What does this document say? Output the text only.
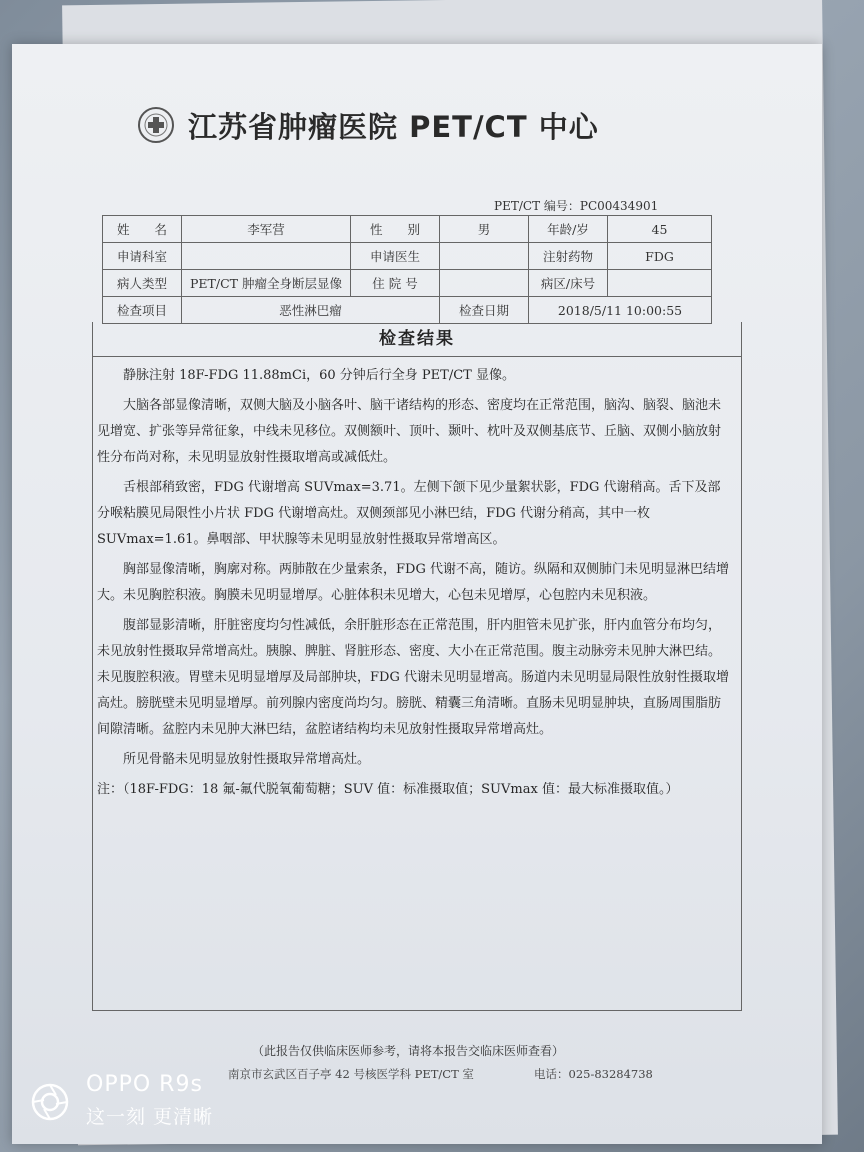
江苏省肿瘤医院 PET/CT 中心
PET/CT 编号：PC00434901
姓　　名	李军营	性　　别	男	年龄/岁	45
申请科室		申请医生		注射药物	FDG
病人类型	PET/CT 肿瘤全身断层显像	住 院 号		病区/床号	
检查项目	恶性淋巴瘤		检查日期	2018/5/11 10:00:55	
检查结果

静脉注射 18F-FDG 11.88mCi，60 分钟后行全身 PET/CT 显像。

大脑各部显像清晰，双侧大脑及小脑各叶、脑干诸结构的形态、密度均在正常范围，脑沟、脑裂、脑池未见增宽、扩张等异常征象，中线未见移位。双侧额叶、顶叶、颞叶、枕叶及双侧基底节、丘脑、双侧小脑放射性分布尚对称，未见明显放射性摄取增高或减低灶。

舌根部稍致密，FDG 代谢增高 SUVmax=3.71。左侧下颌下见少量絮状影，FDG 代谢稍高。舌下及部分喉粘膜见局限性小片状 FDG 代谢增高灶。双侧颈部见小淋巴结，FDG 代谢分稍高，其中一枚 SUVmax=1.61。鼻咽部、甲状腺等未见明显放射性摄取异常增高区。

胸部显像清晰，胸廓对称。两肺散在少量索条，FDG 代谢不高，随访。纵隔和双侧肺门未见明显淋巴结增大。未见胸腔积液。胸膜未见明显增厚。心脏体积未见增大，心包未见增厚，心包腔内未见积液。

腹部显影清晰，肝脏密度均匀性减低，余肝脏形态在正常范围，肝内胆管未见扩张，肝内血管分布均匀，未见放射性摄取异常增高灶。胰腺、脾脏、肾脏形态、密度、大小在正常范围。腹主动脉旁未见肿大淋巴结。未见腹腔积液。胃壁未见明显增厚及局部肿块，FDG 代谢未见明显增高。肠道内未见明显局限性放射性摄取增高灶。膀胱壁未见明显增厚。前列腺内密度尚均匀。膀胱、精囊三角清晰。直肠未见明显肿块，直肠周围脂肪间隙清晰。盆腔内未见肿大淋巴结，盆腔诸结构均未见放射性摄取异常增高灶。

所见骨骼未见明显放射性摄取异常增高灶。

注：（18F-FDG：18 氟-氟代脱氧葡萄糖；SUV 值：标准摄取值；SUVmax 值：最大标准摄取值。）

（此报告仅供临床医师参考，请将本报告交临床医师查看）
南京市玄武区百子亭 42 号核医学科 PET/CT 室	电话：025-83284738
OPPO R9s
这一刻 更清晰
